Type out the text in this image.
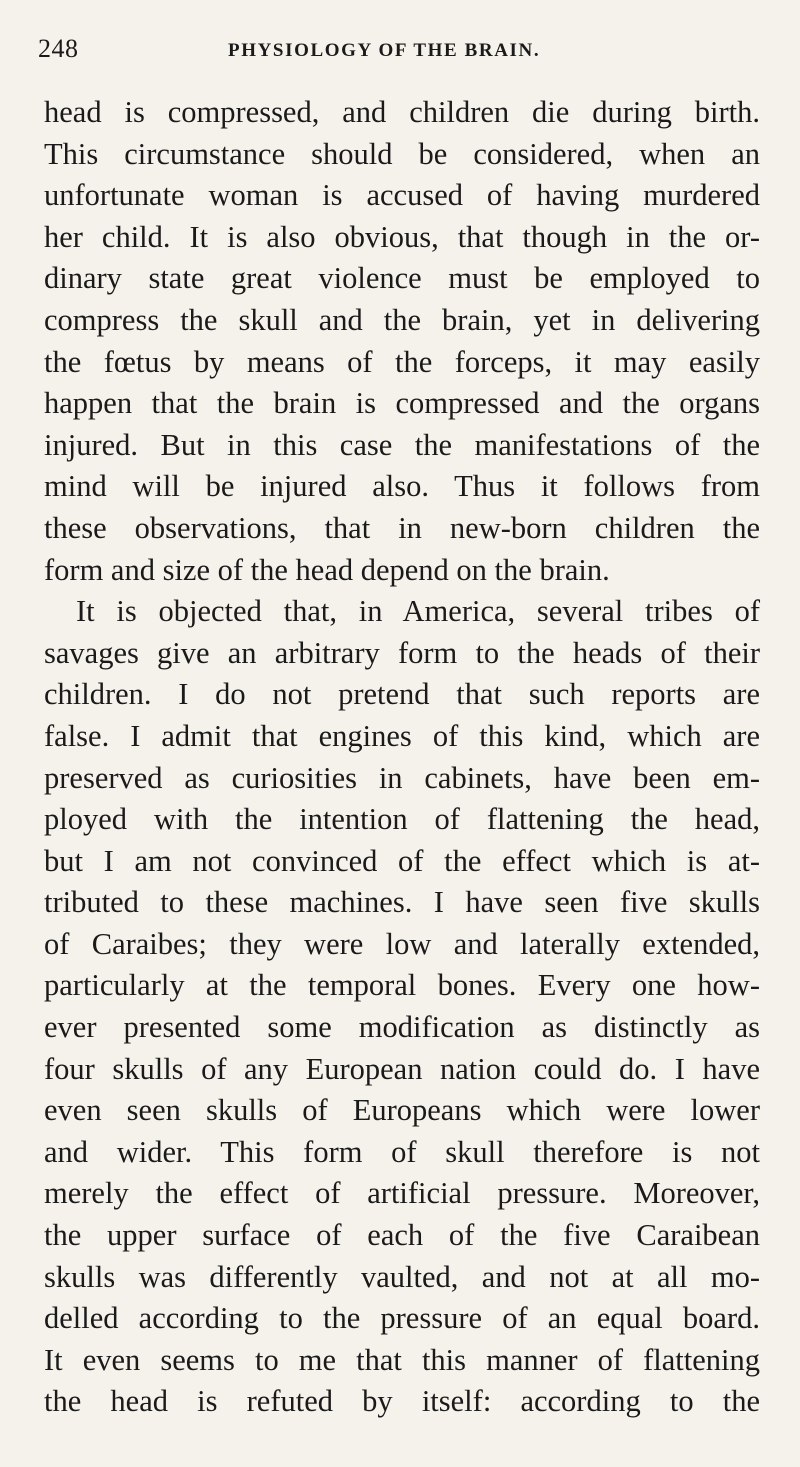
248	PHYSIOLOGY OF THE BRAIN.
head is compressed, and children die during birth.
This circumstance should be considered, when an
unfortunate woman is accused of having murdered
her child. It is also obvious, that though in the or-
dinary state great violence must be employed to
compress the skull and the brain, yet in delivering
the fœtus by means of the forceps, it may easily
happen that the brain is compressed and the organs
injured. But in this case the manifestations of the
mind will be injured also. Thus it follows from
these observations, that in new-born children the
form and size of the head depend on the brain.
It is objected that, in America, several tribes of
savages give an arbitrary form to the heads of their
children. I do not pretend that such reports are
false. I admit that engines of this kind, which are
preserved as curiosities in cabinets, have been em-
ployed with the intention of flattening the head,
but I am not convinced of the effect which is at-
tributed to these machines. I have seen five skulls
of Caraibes; they were low and laterally extended,
particularly at the temporal bones. Every one how-
ever presented some modification as distinctly as
four skulls of any European nation could do. I have
even seen skulls of Europeans which were lower
and wider. This form of skull therefore is not
merely the effect of artificial pressure. Moreover,
the upper surface of each of the five Caraibean
skulls was differently vaulted, and not at all mo-
delled according to the pressure of an equal board.
It even seems to me that this manner of flattening
the head is refuted by itself: according to the
